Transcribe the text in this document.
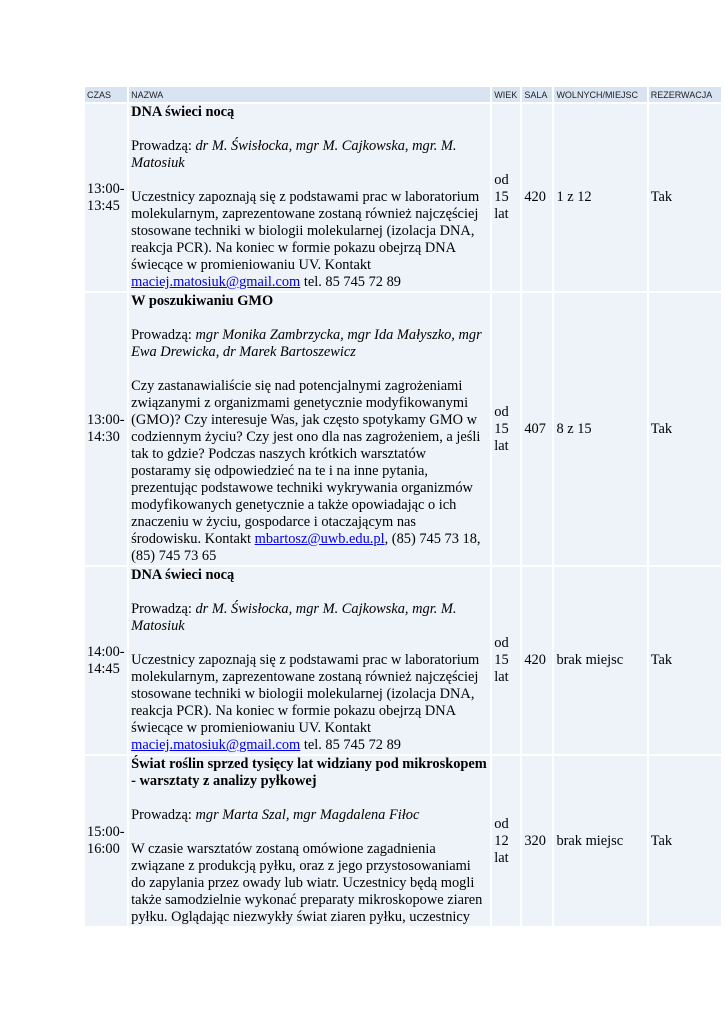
CZAS	NAZWA	WIEK	SALA	WOLNYCH/MIEJSC	REZERWACJA
13:00-13:45	DNA świeci nocą
Prowadzą: dr M. Świsłocka, mgr M. Cajkowska, mgr. M. Matosiuk
Uczestnicy zapoznają się z podstawami prac w laboratorium molekularnym, zaprezentowane zostaną również najczęściej stosowane techniki w biologii molekularnej (izolacja DNA, reakcja PCR). Na koniec w formie pokazu obejrzą DNA świecące w promieniowaniu UV. Kontakt maciej.matosiuk@gmail.com tel. 85 745 72 89	od 15 lat	420	1 z 12	Tak
13:00-14:30	W poszukiwaniu GMO
Prowadzą: mgr Monika Zambrzycka, mgr Ida Małyszko, mgr Ewa Drewicka, dr Marek Bartoszewicz
Czy zastanawialiście się nad potencjalnymi zagrożeniami związanymi z organizmami genetycznie modyfikowanymi (GMO)? Czy interesuje Was, jak często spotykamy GMO w codziennym życiu? Czy jest ono dla nas zagrożeniem, a jeśli tak to gdzie? Podczas naszych krótkich warsztatów postaramy się odpowiedzieć na te i na inne pytania, prezentując podstawowe techniki wykrywania organizmów modyfikowanych genetycznie a także opowiadając o ich znaczeniu w życiu, gospodarce i otaczającym nas środowisku. Kontakt mbartosz@uwb.edu.pl, (85) 745 73 18, (85) 745 73 65	od 15 lat	407	8 z 15	Tak
14:00-14:45	DNA świeci nocą
Prowadzą: dr M. Świsłocka, mgr M. Cajkowska, mgr. M. Matosiuk
Uczestnicy zapoznają się z podstawami prac w laboratorium molekularnym, zaprezentowane zostaną również najczęściej stosowane techniki w biologii molekularnej (izolacja DNA, reakcja PCR). Na koniec w formie pokazu obejrzą DNA świecące w promieniowaniu UV. Kontakt maciej.matosiuk@gmail.com tel. 85 745 72 89	od 15 lat	420	brak miejsc	Tak
15:00-16:00	Świat roślin sprzed tysięcy lat widziany pod mikroskopem - warsztaty z analizy pyłkowej
Prowadzą: mgr Marta Szal, mgr Magdalena Fiłoc
W czasie warsztatów zostaną omówione zagadnienia związane z produkcją pyłku, oraz z jego przystosowaniami do zapylania przez owady lub wiatr. Uczestnicy będą mogli także samodzielnie wykonać preparaty mikroskopowe ziaren pyłku. Oglądając niezwykły świat ziaren pyłku, uczestnicy	od 12 lat	320	brak miejsc	Tak
